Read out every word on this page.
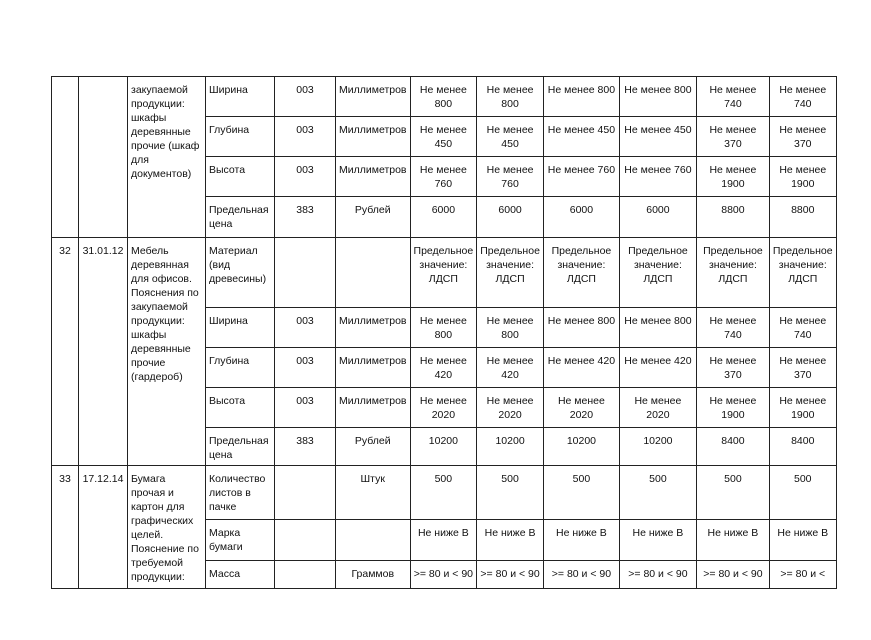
		закупаемой продукции: шкафы деревянные прочие (шкаф для документов)	Ширина	003	Миллиметров	Не менее 800	Не менее 800	Не менее 800	Не менее 800	Не менее 740	Не менее 740
			Глубина	003	Миллиметров	Не менее 450	Не менее 450	Не менее 450	Не менее 450	Не менее 370	Не менее 370
			Высота	003	Миллиметров	Не менее 760	Не менее 760	Не менее 760	Не менее 760	Не менее 1900	Не менее 1900
			Предельная цена	383	Рублей	6000	6000	6000	6000	8800	8800
32	31.01.12	Мебель деревянная для офисов. Пояснения по закупаемой продукции: шкафы деревянные прочие (гардероб)	Материал (вид древесины)			Предельное значение: ЛДСП	Предельное значение: ЛДСП	Предельное значение: ЛДСП	Предельное значение: ЛДСП	Предельное значение: ЛДСП	Предельное значение: ЛДСП
			Ширина	003	Миллиметров	Не менее 800	Не менее 800	Не менее 800	Не менее 800	Не менее 740	Не менее 740
			Глубина	003	Миллиметров	Не менее 420	Не менее 420	Не менее 420	Не менее 420	Не менее 370	Не менее 370
			Высота	003	Миллиметров	Не менее 2020	Не менее 2020	Не менее 2020	Не менее 2020	Не менее 1900	Не менее 1900
			Предельная цена	383	Рублей	10200	10200	10200	10200	8400	8400
33	17.12.14	Бумага прочая и картон для графических целей. Пояснение по требуемой продукции:	Количество листов в пачке		Штук	500	500	500	500	500	500
			Марка бумаги			Не ниже В	Не ниже В	Не ниже В	Не ниже В	Не ниже В	Не ниже В
			Масса		Граммов	>= 80 и < 90	>= 80 и < 90	>= 80 и < 90	>= 80 и < 90	>= 80 и < 90	>= 80 и <
